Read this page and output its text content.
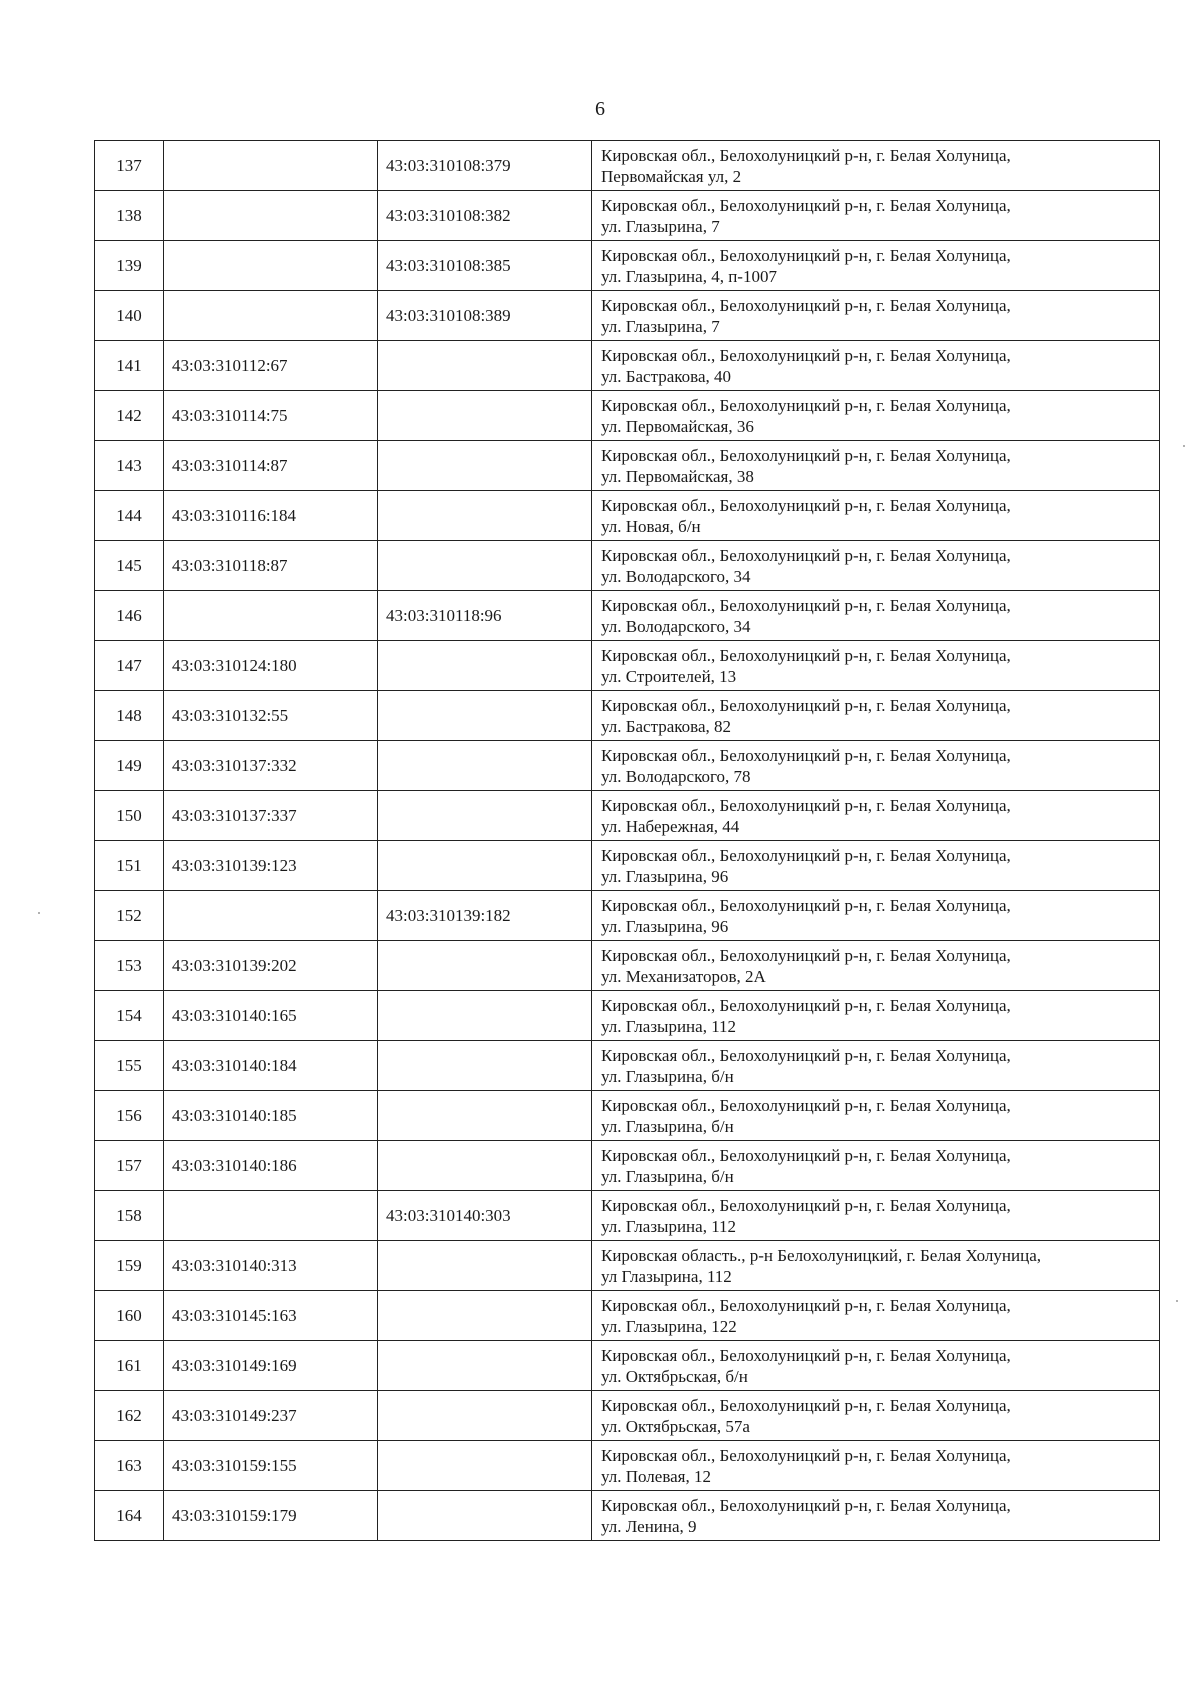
6
137		43:03:310108:379	Кировская обл., Белохолуницкий р-н, г. Белая Холуница,
Первомайская ул, 2

138		43:03:310108:382	Кировская обл., Белохолуницкий р-н, г. Белая Холуница,
ул. Глазырина, 7

139		43:03:310108:385	Кировская обл., Белохолуницкий р-н, г. Белая Холуница,
ул. Глазырина, 4, п-1007

140		43:03:310108:389	Кировская обл., Белохолуницкий р-н, г. Белая Холуница,
ул. Глазырина, 7

141	43:03:310112:67		Кировская обл., Белохолуницкий р-н, г. Белая Холуница,
ул. Бастракова, 40

142	43:03:310114:75		Кировская обл., Белохолуницкий р-н, г. Белая Холуница,
ул. Первомайская, 36

143	43:03:310114:87		Кировская обл., Белохолуницкий р-н, г. Белая Холуница,
ул. Первомайская, 38

144	43:03:310116:184		Кировская обл., Белохолуницкий р-н, г. Белая Холуница,
ул. Новая, б/н

145	43:03:310118:87		Кировская обл., Белохолуницкий р-н, г. Белая Холуница,
ул. Володарского, 34

146		43:03:310118:96	Кировская обл., Белохолуницкий р-н, г. Белая Холуница,
ул. Володарского, 34

147	43:03:310124:180		Кировская обл., Белохолуницкий р-н, г. Белая Холуница,
ул. Строителей, 13

148	43:03:310132:55		Кировская обл., Белохолуницкий р-н, г. Белая Холуница,
ул. Бастракова, 82

149	43:03:310137:332		Кировская обл., Белохолуницкий р-н, г. Белая Холуница,
ул. Володарского, 78

150	43:03:310137:337		Кировская обл., Белохолуницкий р-н, г. Белая Холуница,
ул. Набережная, 44

151	43:03:310139:123		Кировская обл., Белохолуницкий р-н, г. Белая Холуница,
ул. Глазырина, 96

152		43:03:310139:182	Кировская обл., Белохолуницкий р-н, г. Белая Холуница,
ул. Глазырина, 96

153	43:03:310139:202		Кировская обл., Белохолуницкий р-н, г. Белая Холуница,
ул. Механизаторов, 2А

154	43:03:310140:165		Кировская обл., Белохолуницкий р-н, г. Белая Холуница,
ул. Глазырина, 112

155	43:03:310140:184		Кировская обл., Белохолуницкий р-н, г. Белая Холуница,
ул. Глазырина, б/н

156	43:03:310140:185		Кировская обл., Белохолуницкий р-н, г. Белая Холуница,
ул. Глазырина, б/н

157	43:03:310140:186		Кировская обл., Белохолуницкий р-н, г. Белая Холуница,
ул. Глазырина, б/н

158		43:03:310140:303	Кировская обл., Белохолуницкий р-н, г. Белая Холуница,
ул. Глазырина, 112

159	43:03:310140:313		Кировская область., р-н Белохолуницкий, г. Белая Холуница,
ул Глазырина, 112

160	43:03:310145:163		Кировская обл., Белохолуницкий р-н, г. Белая Холуница,
ул. Глазырина, 122

161	43:03:310149:169		Кировская обл., Белохолуницкий р-н, г. Белая Холуница,
ул. Октябрьская, б/н

162	43:03:310149:237		Кировская обл., Белохолуницкий р-н, г. Белая Холуница,
ул. Октябрьская, 57а

163	43:03:310159:155		Кировская обл., Белохолуницкий р-н, г. Белая Холуница,
ул. Полевая, 12

164	43:03:310159:179		Кировская обл., Белохолуницкий р-н, г. Белая Холуница,
ул. Ленина, 9
